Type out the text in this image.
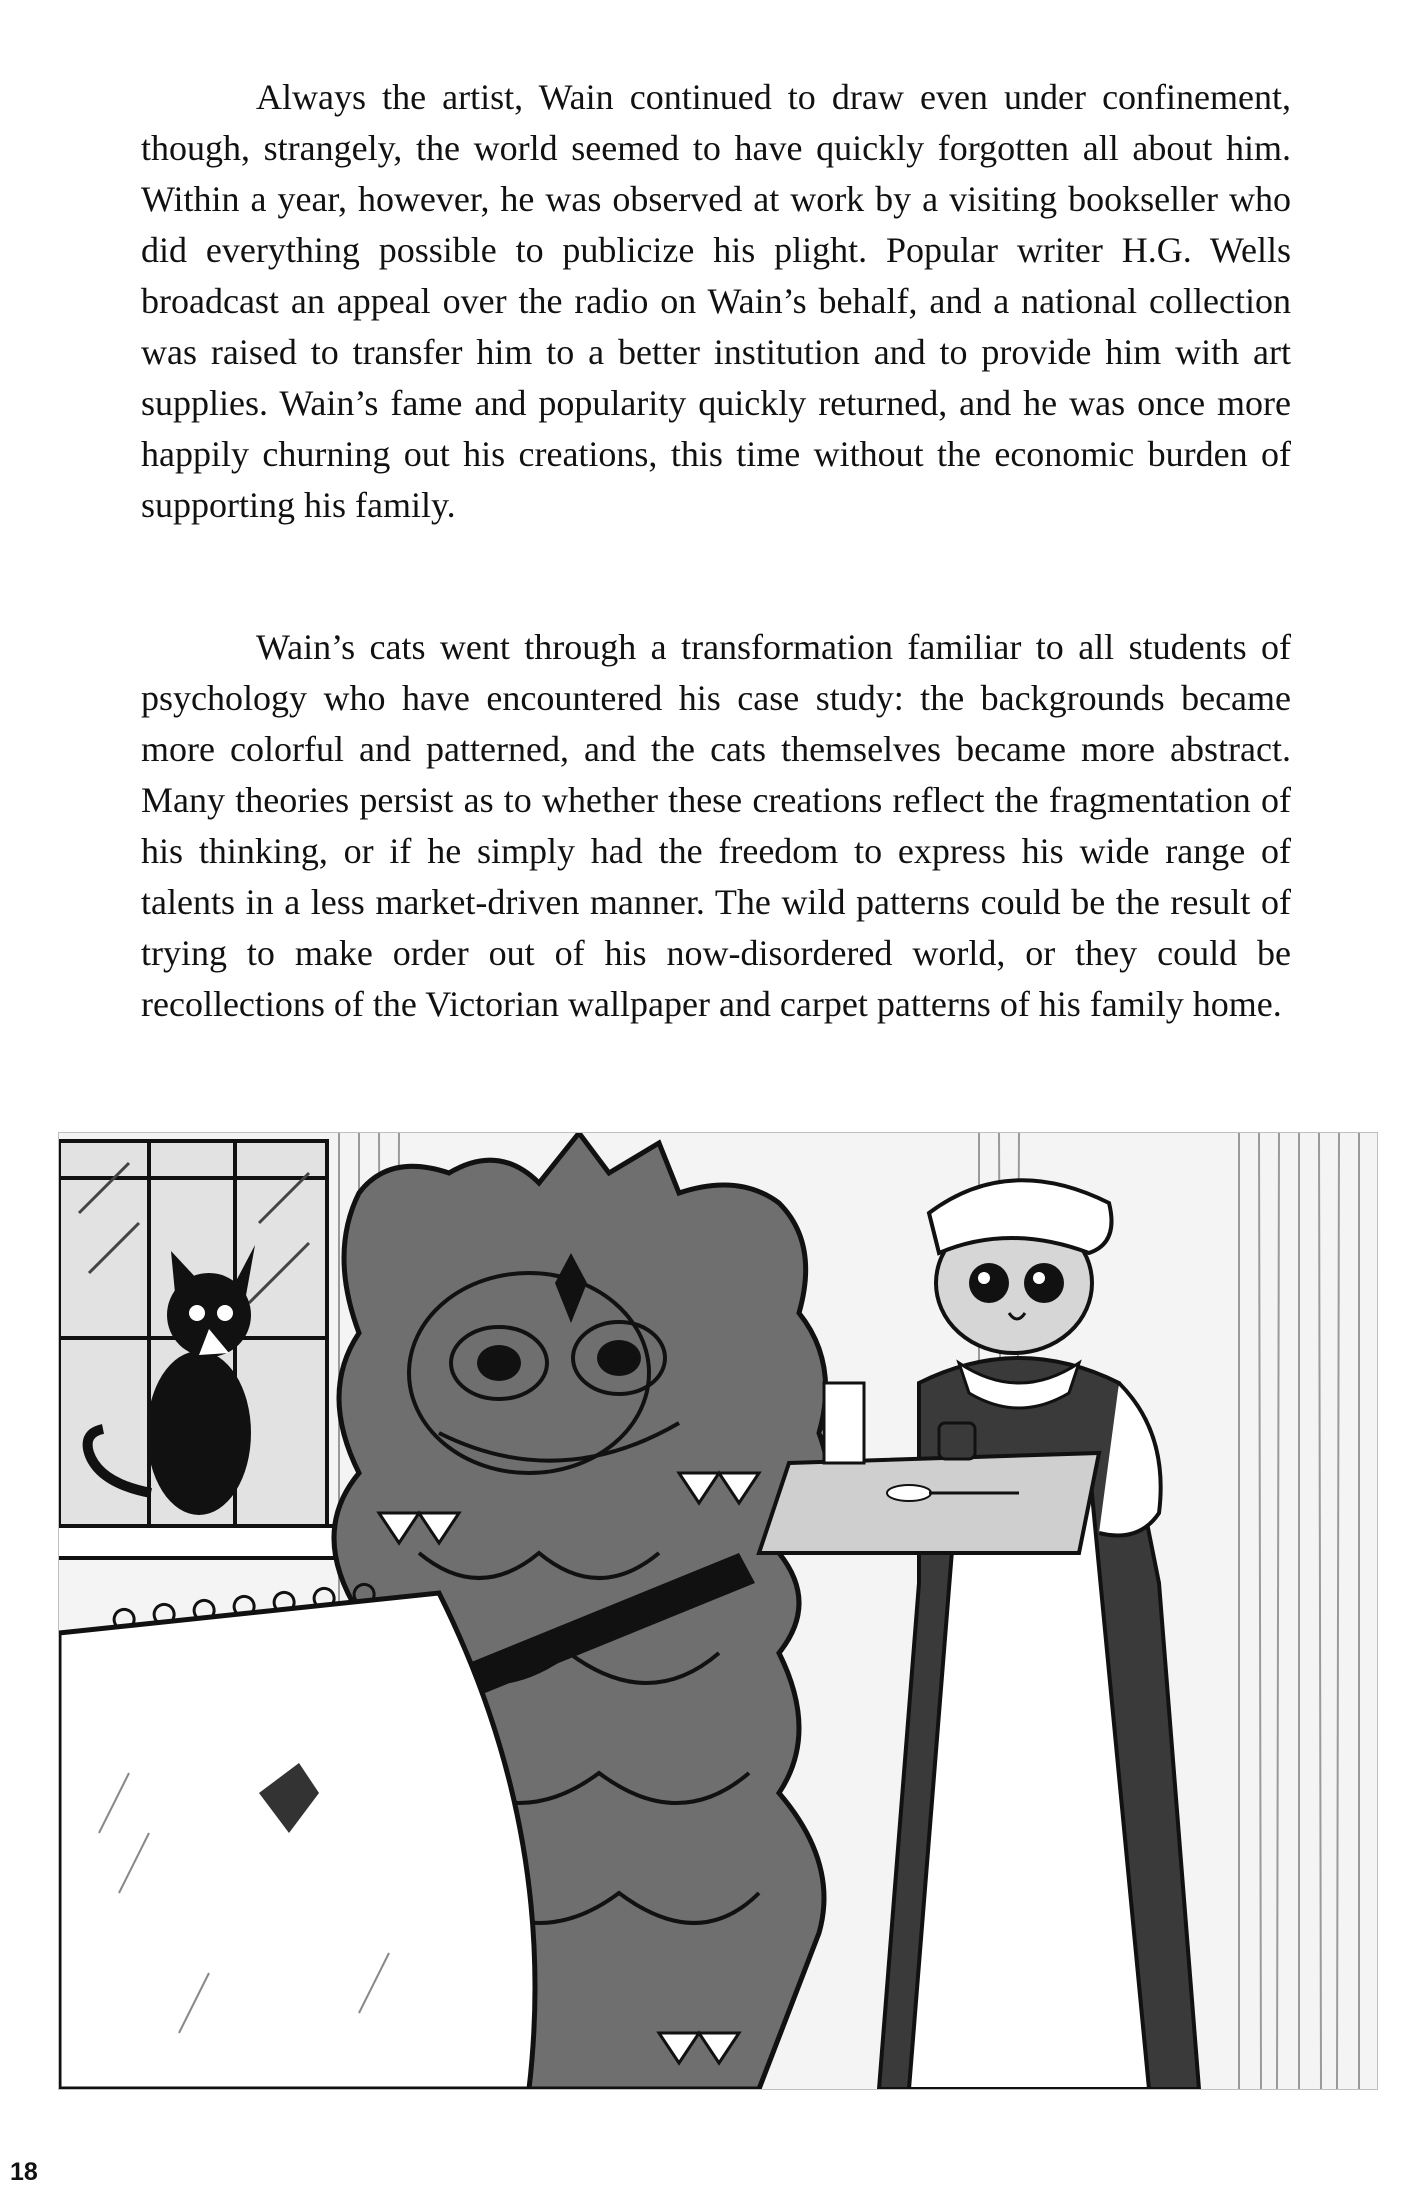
Always the artist, Wain continued to draw even under confinement, though, strangely, the world seemed to have quickly forgotten all about him. Within a year, however, he was observed at work by a visiting bookseller who did everything possible to publicize his plight. Popular writer H.G. Wells broadcast an appeal over the radio on Wain’s behalf, and a national collection was raised to transfer him to a better institution and to provide him with art supplies. Wain’s fame and popularity quickly returned, and he was once more happily churning out his creations, this time without the economic burden of supporting his family.

Wain’s cats went through a transformation familiar to all students of psychology who have encountered his case study: the backgrounds became more colorful and patterned, and the cats themselves became more abstract. Many theories persist as to whether these creations reflect the fragmentation of his thinking, or if he simply had the freedom to express his wide range of talents in a less market-driven manner. The wild patterns could be the result of trying to make order out of his now-disordered world, or they could be recollections of the Victorian wallpaper and carpet patterns of his family home.

18
